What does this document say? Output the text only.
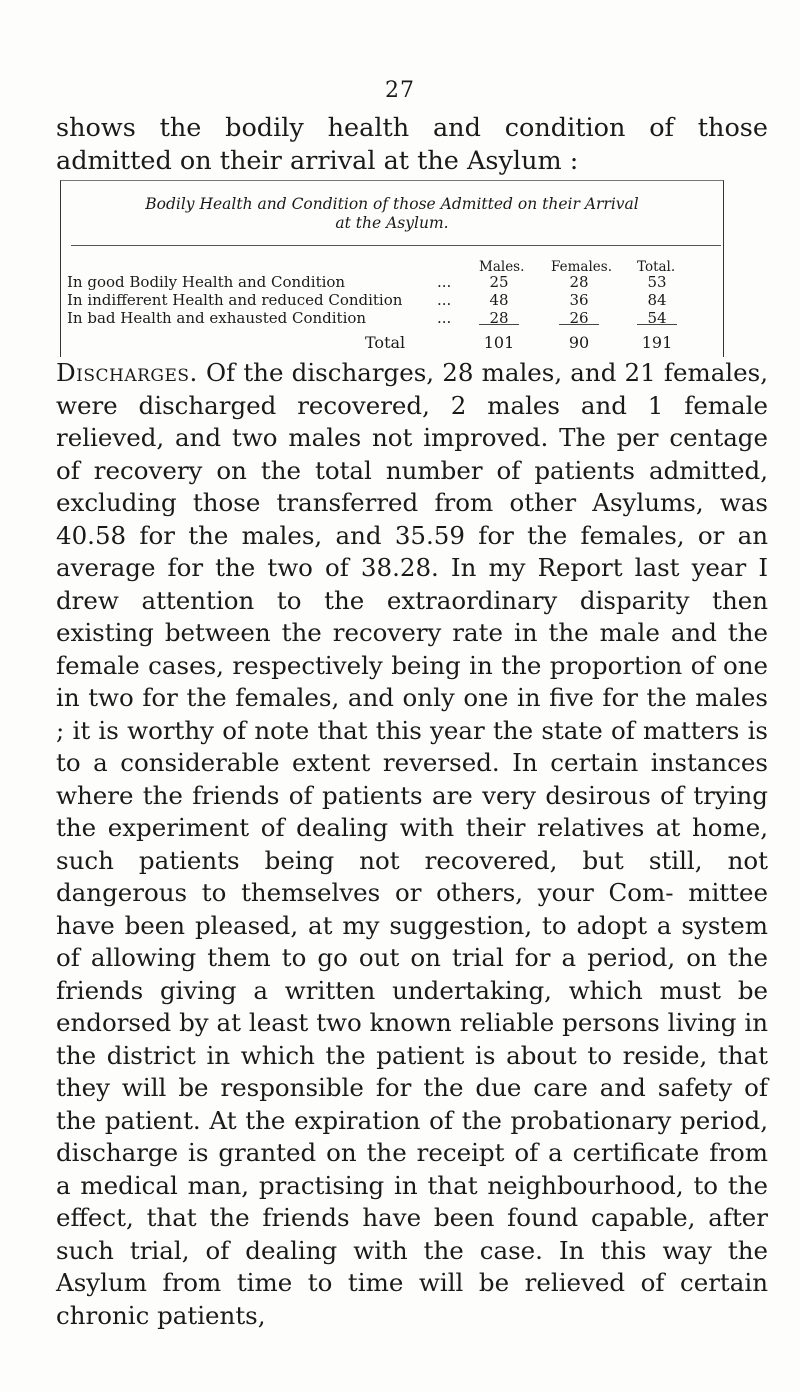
27
shows the bodily health and condition of those admitted on their arrival at the Asylum :
Bodily Health and Condition of those Admitted on their Arrival
at the Asylum.
Males. Females. Total.
In good Bodily Health and Condition	...	25	28	53
In indifferent Health and reduced Condition ...	48	36	84
In bad Health and exhausted Condition	...	28	26	54
Total	101	90	191
Discharges. Of the discharges, 28 males, and 21 females, were discharged recovered, 2 males and 1 female relieved, and two males not improved. The per centage of recovery on the total number of patients admitted, excluding those transferred from other Asylums, was 40.58 for the males, and 35.59 for the females, or an average for the two of 38.28. In my Report last year I drew attention to the extraordinary disparity then existing between the recovery rate in the male and the female cases, respectively being in the proportion of one in two for the females, and only one in five for the males ; it is worthy of note that this year the state of matters is to a considerable extent reversed. In certain instances where the friends of patients are very desirous of trying the experiment of dealing with their relatives at home, such patients being not recovered, but still, not dangerous to themselves or others, your Com- mittee have been pleased, at my suggestion, to adopt a system of allowing them to go out on trial for a period, on the friends giving a written undertaking, which must be endorsed by at least two known reliable persons living in the district in which the patient is about to reside, that they will be responsible for the due care and safety of the patient. At the expiration of the probationary period, discharge is granted on the receipt of a certificate from a medical man, practising in that neighbourhood, to the effect, that the friends have been found capable, after such trial, of dealing with the case. In this way the Asylum from time to time will be relieved of certain chronic patients,
